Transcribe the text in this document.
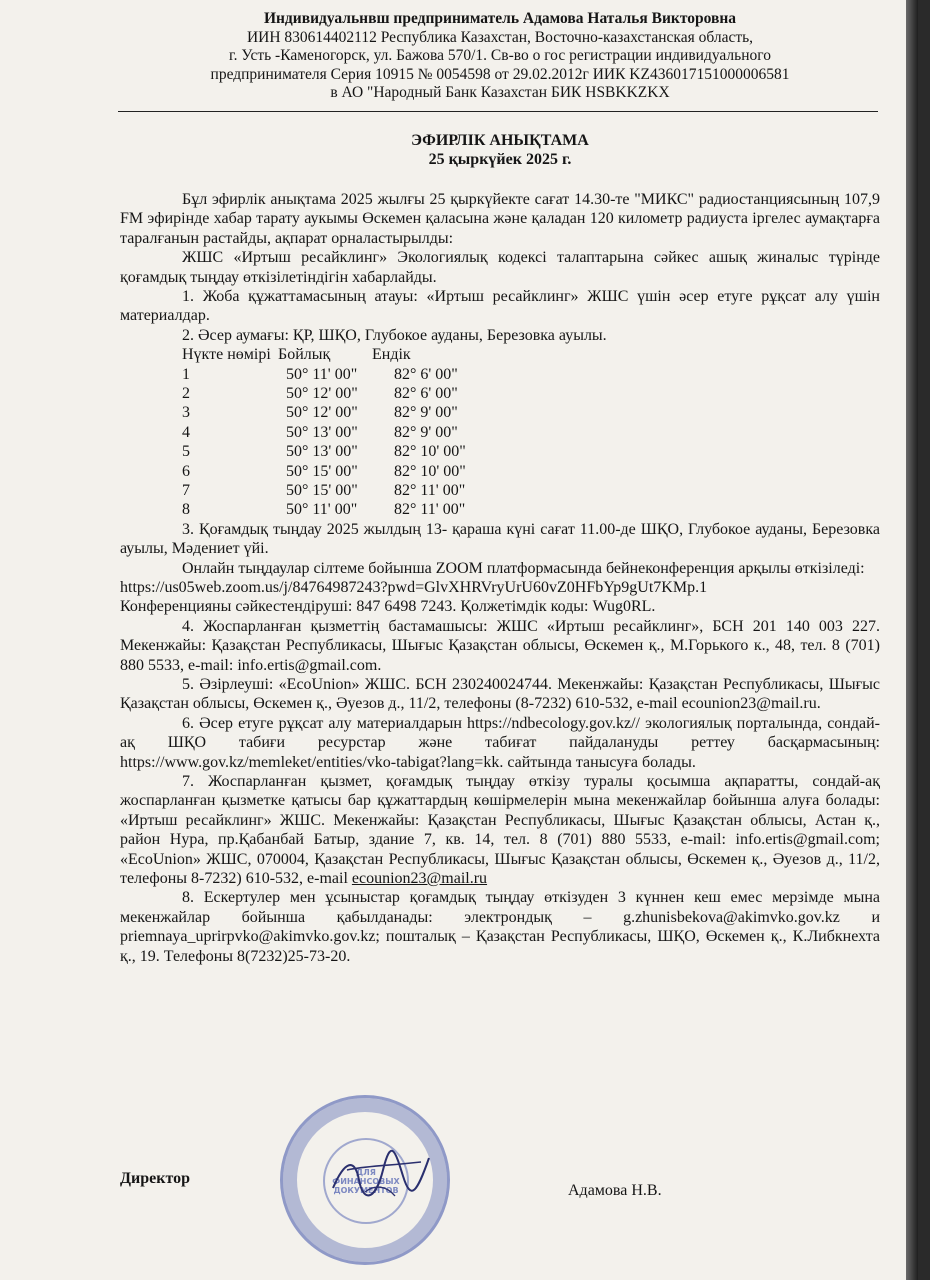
Индивидуальнвш предприниматель Адамова Наталья Викторовна
ИИН 830614402112 Республика Казахстан, Восточно-казахстанская область,
г. Усть -Каменогорск, ул. Бажова 570/1. Св-во о гос регистрации индивидуального
предпринимателя Серия 10915 № 0054598 от 29.02.2012г ИИК KZ436017151000006581
в АО "Народный Банк Казахстан БИК HSBKKZKX
ЭФИРЛІК АНЫҚТАМА
25 қыркүйек 2025 г.

Бұл эфирлік анықтама 2025 жылғы 25 қыркүйекте сағат 14.30-те "МИКС" радиостанциясының 107,9 FM эфирінде хабар тарату аукымы Өскемен қаласына және қаладан 120 километр радиуста іргелес аумақтарға таралғанын растайды, ақпарат орналастырылды:

ЖШС «Иртыш ресайклинг» Экологиялық кодексі талаптарына сәйкес ашық жиналыс түрінде қоғамдық тыңдау өткізілетіндігін хабарлайды.

1. Жоба құжаттамасының атауы: «Иртыш ресайклинг» ЖШС үшін әсер етуге рұқсат алу үшін материалдар.

2. Әсер аумағы: ҚР, ШҚО, Глубокое ауданы, Березовка ауылы.

Нүкте нөмірі Бойлық	Ендік
1	50° 11' 00"	82° 6' 00"
2	50° 12' 00"	82° 6' 00"
3	50° 12' 00"	82° 9' 00"
4	50° 13' 00"	82° 9' 00"
5	50° 13' 00"	82° 10' 00"
6	50° 15' 00"	82° 10' 00"
7	50° 15' 00"	82° 11' 00"
8	50° 11' 00"	82° 11' 00"

3. Қоғамдық тыңдау 2025 жылдың 13- қараша күні сағат 11.00-де ШҚО, Глубокое ауданы, Березовка ауылы, Мәдениет үйі.

Онлайн тыңдаулар сілтеме бойынша ZOOM платформасында бейнеконференция арқылы өткізіледі:

https://us05web.zoom.us/j/84764987243?pwd=GlvXHRVryUrU60vZ0HFbYp9gUt7KMp.1

Конференцияны сәйкестендіруші: 847 6498 7243. Қолжетімдік коды: Wug0RL.

4. Жоспарланған қызметтің бастамашысы: ЖШС «Иртыш ресайклинг», БСН 201 140 003 227. Мекенжайы: Қазақстан Республикасы, Шығыс Қазақстан облысы, Өскемен қ., М.Горького к., 48, тел. 8 (701) 880 5533, e-mail: info.ertis@gmail.com.

5. Әзірлеуші: «EcoUnion» ЖШС. БСН 230240024744. Мекенжайы: Қазақстан Республикасы, Шығыс Қазақстан облысы, Өскемен қ., Әуезов д., 11/2, телефоны (8-7232) 610-532, e-mail ecounion23@mail.ru.

6. Әсер етуге рұқсат алу материалдарын https://ndbecology.gov.kz// экологиялық порталында, сондай-ақ ШҚО табиғи ресурстар және табиғат пайдалануды реттеу басқармасының: https://www.gov.kz/memleket/entities/vko-tabigat?lang=kk. сайтында танысуға болады.

7. Жоспарланған қызмет, қоғамдық тыңдау өткізу туралы қосымша ақпаратты, сондай-ақ жоспарланған қызметке қатысы бар құжаттардың көшірмелерін мына мекенжайлар бойынша алуға болады: «Иртыш ресайклинг» ЖШС. Мекенжайы: Қазақстан Республикасы, Шығыс Қазақстан облысы, Астан қ., район Нура, пр.Қабанбай Батыр, здание 7, кв. 14, тел. 8 (701) 880 5533, e-mail: info.ertis@gmail.com; «EcoUnion» ЖШС, 070004, Қазақстан Республикасы, Шығыс Қазақстан облысы, Өскемен қ., Әуезов д., 11/2, телефоны 8-7232) 610-532, e-mail ecounion23@mail.ru

8. Ескертулер мен ұсыныстар қоғамдық тыңдау өткізуден 3 күннен кеш емес мерзімде мына мекенжайлар бойынша қабылданады: электрондық – g.zhunisbekova@akimvko.gov.kz и priemnaya_uprirpvko@akimvko.gov.kz; пошталық – Қазақстан Республикасы, ШҚО, Өскемен қ., К.Либкнехта қ., 19. Телефоны 8(7232)25-73-20.

ДЛЯ ФИНАНСОВЫХ ДОКУМЕНТОВ
Директор
Адамова Н.В.
